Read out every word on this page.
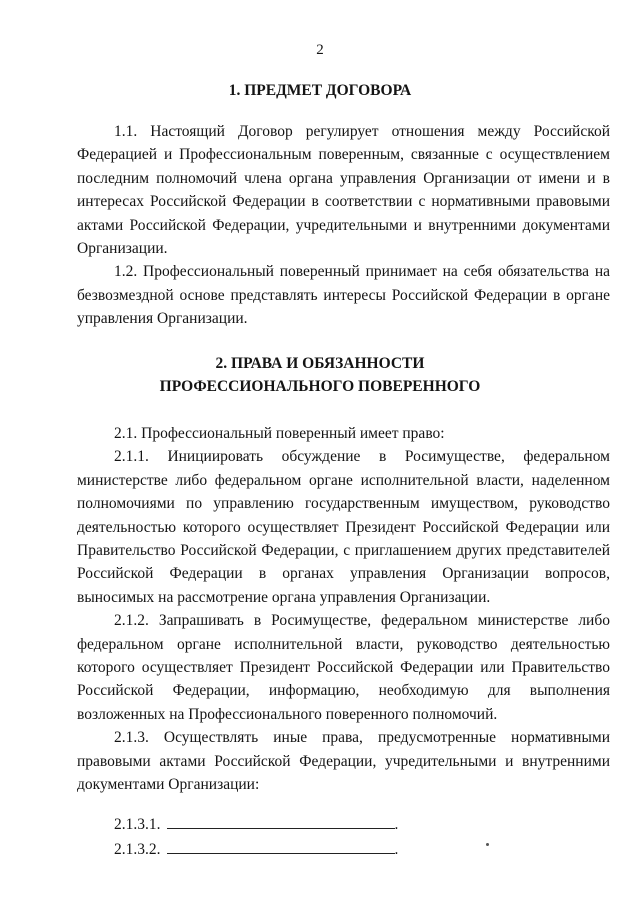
2
1. ПРЕДМЕТ ДОГОВОРА

1.1. Настоящий Договор регулирует отношения между Российской Федерацией и Профессиональным поверенным, связанные с осуществлением последним полномочий члена органа управления Организации от имени и в интересах Российской Федерации в соответствии с нормативными правовыми актами Российской Федерации, учредительными и внутренними документами Организации.

1.2. Профессиональный поверенный принимает на себя обязательства на безвозмездной основе представлять интересы Российской Федерации в органе управления Организации.

2. ПРАВА И ОБЯЗАННОСТИ
ПРОФЕССИОНАЛЬНОГО ПОВЕРЕННОГО

2.1. Профессиональный поверенный имеет право:

2.1.1. Инициировать обсуждение в Росимуществе, федеральном министерстве либо федеральном органе исполнительной власти, наделенном полномочиями по управлению государственным имуществом, руководство деятельностью которого осуществляет Президент Российской Федерации или Правительство Российской Федерации, с приглашением других представителей Российской Федерации в органах управления Организации вопросов, выносимых на рассмотрение органа управления Организации.

2.1.2. Запрашивать в Росимуществе, федеральном министерстве либо федеральном органе исполнительной власти, руководство деятельностью которого осуществляет Президент Российской Федерации или Правительство Российской Федерации, информацию, необходимую для выполнения возложенных на Профессионального поверенного полномочий.

2.1.3. Осуществлять иные права, предусмотренные нормативными правовыми актами Российской Федерации, учредительными и внутренними документами Организации:

2.1.3.1.	.
2.1.3.2.	.
